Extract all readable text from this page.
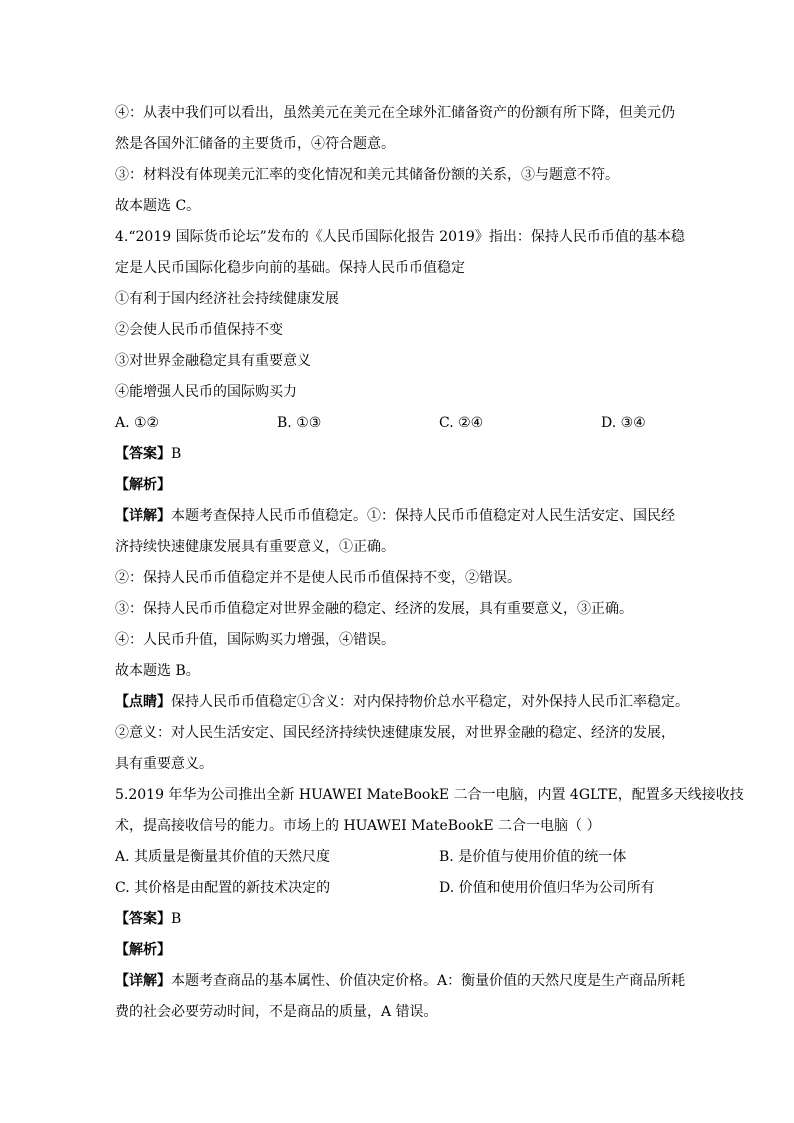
④：从表中我们可以看出，虽然美元在美元在全球外汇储备资产的份额有所下降，但美元仍
然是各国外汇储备的主要货币，④符合题意。
③：材料没有体现美元汇率的变化情况和美元其储备份额的关系，③与题意不符。
故本题选 C。
4.“2019 国际货币论坛”发布的《人民币国际化报告 2019》指出：保持人民币币值的基本稳
定是人民币国际化稳步向前的基础。保持人民币币值稳定
①有利于国内经济社会持续健康发展
②会使人民币币值保持不变
③对世界金融稳定具有重要意义
④能增强人民币的国际购买力
A. ①②	B. ①③	C. ②④	D. ③④
【答案】B
【解析】
【详解】本题考查保持人民币币值稳定。①：保持人民币币值稳定对人民生活安定、国民经
济持续快速健康发展具有重要意义，①正确。
②：保持人民币币值稳定并不是使人民币币值保持不变，②错误。
③：保持人民币币值稳定对世界金融的稳定、经济的发展，具有重要意义，③正确。
④：人民币升值，国际购买力增强，④错误。
故本题选 B。
【点睛】保持人民币币值稳定①含义：对内保持物价总水平稳定，对外保持人民币汇率稳定。
②意义：对人民生活安定、国民经济持续快速健康发展，对世界金融的稳定、经济的发展，
具有重要意义。
5.2019 年华为公司推出全新 HUAWEI MateBookE 二合一电脑，内置 4GLTE，配置多天线接收技
术，提高接收信号的能力。市场上的 HUAWEI MateBookE 二合一电脑（ ）
A. 其质量是衡量其价值的天然尺度	B. 是价值与使用价值的统一体
C. 其价格是由配置的新技术决定的	D. 价值和使用价值归华为公司所有
【答案】B
【解析】
【详解】本题考查商品的基本属性、价值决定价格。A：衡量价值的天然尺度是生产商品所耗
费的社会必要劳动时间，不是商品的质量，A 错误。
